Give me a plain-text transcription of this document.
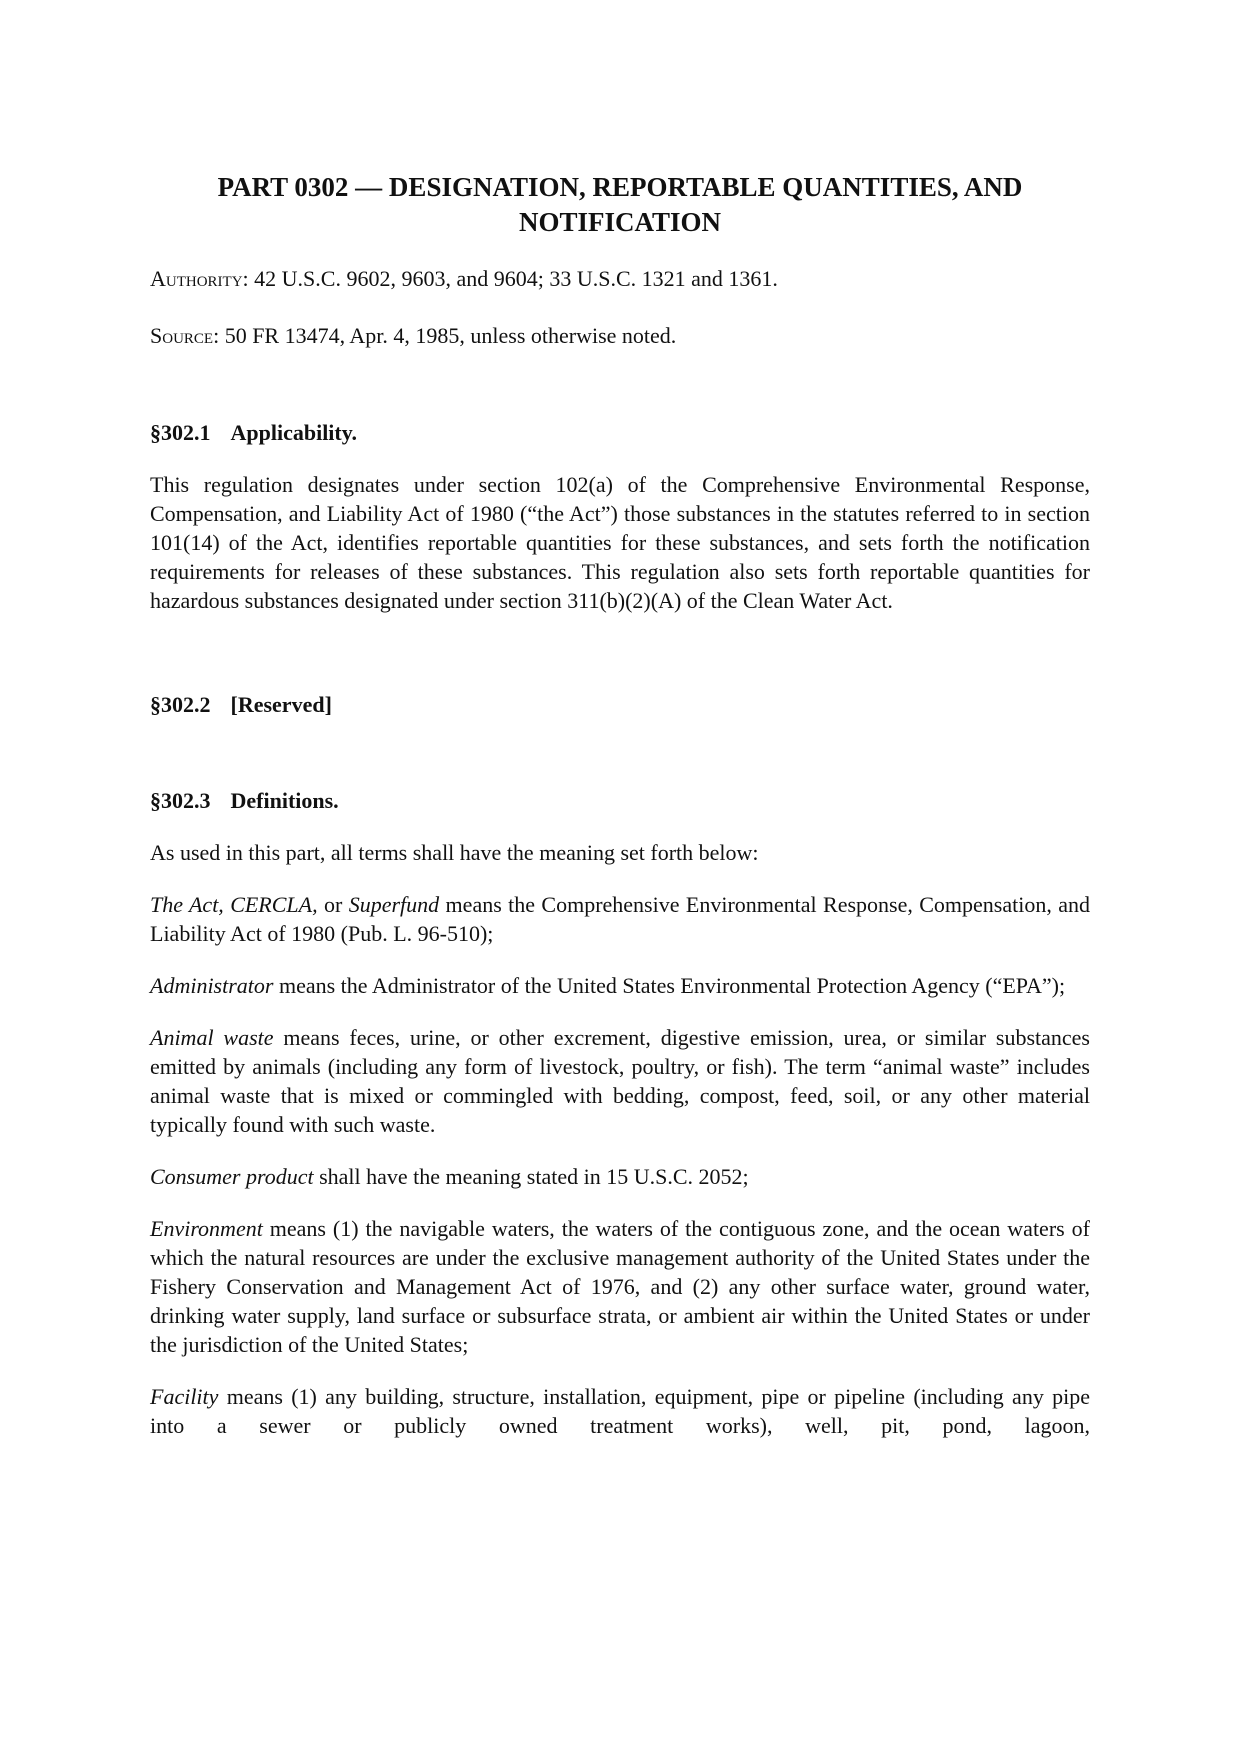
PART 0302 — DESIGNATION, REPORTABLE QUANTITIES, AND NOTIFICATION

Authority: 42 U.S.C. 9602, 9603, and 9604; 33 U.S.C. 1321 and 1361.

Source: 50 FR 13474, Apr. 4, 1985, unless otherwise noted.

§302.1 Applicability.

This regulation designates under section 102(a) of the Comprehensive Environmental Response, Compensation, and Liability Act of 1980 (“the Act”) those substances in the statutes referred to in section 101(14) of the Act, identifies reportable quantities for these substances, and sets forth the notification requirements for releases of these substances. This regulation also sets forth reportable quantities for hazardous substances designated under section 311(b)(2)(A) of the Clean Water Act.

§302.2 [Reserved]
§302.3 Definitions.

As used in this part, all terms shall have the meaning set forth below:

The Act, CERCLA, or Superfund means the Comprehensive Environmental Response, Compensation, and Liability Act of 1980 (Pub. L. 96-510);

Administrator means the Administrator of the United States Environmental Protection Agency (“EPA”);

Animal waste means feces, urine, or other excrement, digestive emission, urea, or similar substances emitted by animals (including any form of livestock, poultry, or fish). The term “animal waste” includes animal waste that is mixed or commingled with bedding, compost, feed, soil, or any other material typically found with such waste.

Consumer product shall have the meaning stated in 15 U.S.C. 2052;

Environment means (1) the navigable waters, the waters of the contiguous zone, and the ocean waters of which the natural resources are under the exclusive management authority of the United States under the Fishery Conservation and Management Act of 1976, and (2) any other surface water, ground water, drinking water supply, land surface or subsurface strata, or ambient air within the United States or under the jurisdiction of the United States;

Facility means (1) any building, structure, installation, equipment, pipe or pipeline (including any pipe into a sewer or publicly owned treatment works), well, pit, pond, lagoon,
